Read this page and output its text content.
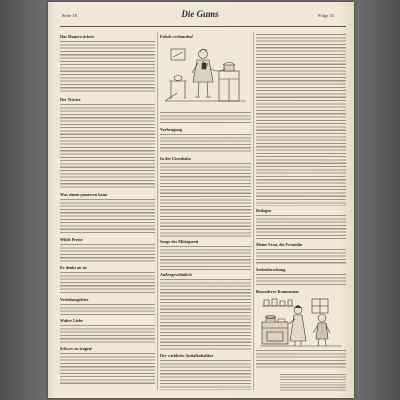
Seite 18	Die Gums	Folge 31
Das Mauerwächter
Der Tröster
Was einem passieren kann
Wilde Preise
Er denkt an sie
Verlobungsfeier
Wahre Liebe
Schwer zu tragen!
Falsch verbunden!
Vorbeugung
In der Eisenbahn
Sorge der Mittagszeit
Außergewöhnlich
Der wirkliche Antialkoholiker
Beilagen
Meine Frau, die Freundin
Seelenforschung
Besonderer Kommentar
